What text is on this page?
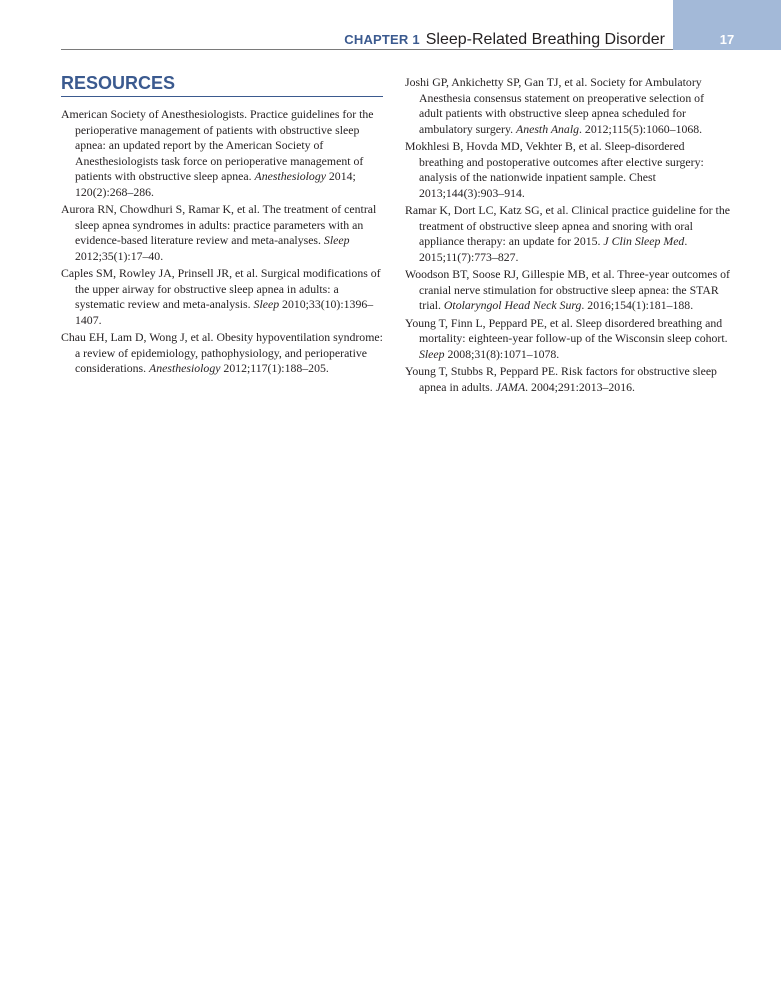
CHAPTER 1 Sleep-Related Breathing Disorder	17
RESOURCES
American Society of Anesthesiologists. Practice guidelines for the perioperative management of patients with obstructive sleep apnea: an updated report by the American Society of Anesthesiologists task force on perioperative management of patients with obstructive sleep apnea. Anesthesiology 2014; 120(2):268–286.
Aurora RN, Chowdhuri S, Ramar K, et al. The treatment of central sleep apnea syndromes in adults: practice parameters with an evidence-based literature review and meta-analyses. Sleep 2012;35(1):17–40.
Caples SM, Rowley JA, Prinsell JR, et al. Surgical modifications of the upper airway for obstructive sleep apnea in adults: a systematic review and meta-analysis. Sleep 2010;33(10):1396–1407.
Chau EH, Lam D, Wong J, et al. Obesity hypoventilation syndrome: a review of epidemiology, pathophysiology, and perioperative considerations. Anesthesiology 2012;117(1):188–205.
Joshi GP, Ankichetty SP, Gan TJ, et al. Society for Ambulatory Anesthesia consensus statement on preoperative selection of adult patients with obstructive sleep apnea scheduled for ambulatory surgery. Anesth Analg. 2012;115(5):1060–1068.
Mokhlesi B, Hovda MD, Vekhter B, et al. Sleep-disordered breathing and postoperative outcomes after elective surgery: analysis of the nationwide inpatient sample. Chest 2013;144(3):903–914.
Ramar K, Dort LC, Katz SG, et al. Clinical practice guideline for the treatment of obstructive sleep apnea and snoring with oral appliance therapy: an update for 2015. J Clin Sleep Med. 2015;11(7):773–827.
Woodson BT, Soose RJ, Gillespie MB, et al. Three-year outcomes of cranial nerve stimulation for obstructive sleep apnea: the STAR trial. Otolaryngol Head Neck Surg. 2016;154(1):181–188.
Young T, Finn L, Peppard PE, et al. Sleep disordered breathing and mortality: eighteen-year follow-up of the Wisconsin sleep cohort. Sleep 2008;31(8):1071–1078.
Young T, Stubbs R, Peppard PE. Risk factors for obstructive sleep apnea in adults. JAMA. 2004;291:2013–2016.
